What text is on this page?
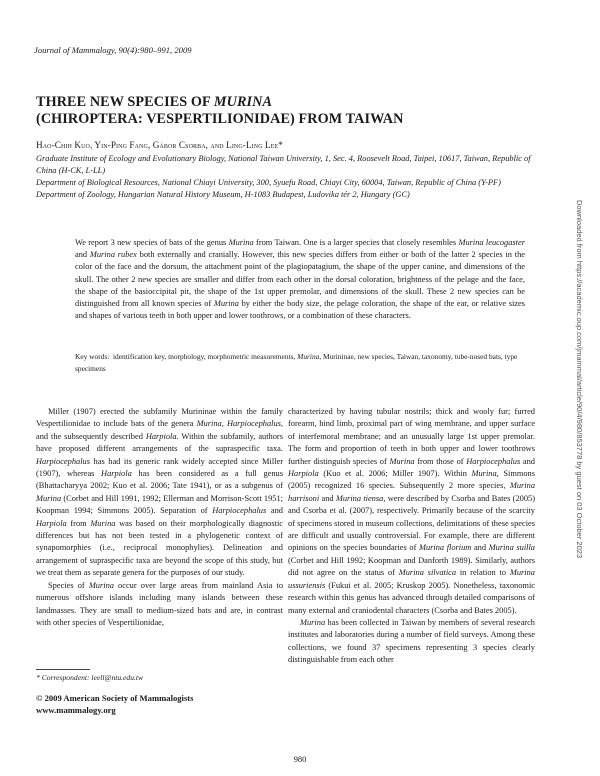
Journal of Mammalogy, 90(4):980–991, 2009
THREE NEW SPECIES OF MURINA
(CHIROPTERA: VESPERTILIONIDAE) FROM TAIWAN
Hao-Chih Kuo, Yin-Ping Fang, Gábor Csorba, and Ling-Ling Lee*

Graduate Institute of Ecology and Evolutionary Biology, National Taiwan University, 1, Sec. 4, Roosevelt Road, Taipei, 10617, Taiwan, Republic of China (H-CK, L-LL)

Department of Biological Resources, National Chiayi University, 300, Syuefu Road, Chiayi City, 60004, Taiwan, Republic of China (Y-PF)

Department of Zoology, Hungarian Natural History Museum, H-1083 Budapest, Ludovika tér 2, Hungary (GC)

We report 3 new species of bats of the genus Murina from Taiwan. One is a larger species that closely resembles Murina leucogaster and Murina rubex both externally and cranially. However, this new species differs from either or both of the latter 2 species in the color of the face and the dorsum, the attachment point of the plagiopatagium, the shape of the upper canine, and dimensions of the skull. The other 2 new species are smaller and differ from each other in the dorsal coloration, brightness of the pelage and the face, the shape of the basioccipital pit, the shape of the 1st upper premolar, and dimensions of the skull. These 2 new species can be distinguished from all known species of Murina by either the body size, the pelage coloration, the shape of the ear, or relative sizes and shapes of various teeth in both upper and lower toothrows, or a combination of these characters.

Key words: identification key, morphology, morphometric measurements, Murina, Murininae, new species, Taiwan, taxonomy, tube-nosed bats, type specimens

Miller (1907) erected the subfamily Murininae within the family Vespertilionidae to include bats of the genera Murina, Harpiocephalus, and the subsequently described Harpiola. Within the subfamily, authors have proposed different arrangements of the supraspecific taxa. Harpiocephalus has had its generic rank widely accepted since Miller (1907), whereas Harpiola has been considered as a full genus (Bhattacharyya 2002; Kuo et al. 2006; Tate 1941), or as a subgenus of Murina (Corbet and Hill 1991, 1992; Ellerman and Morrison-Scott 1951; Koopman 1994; Simmons 2005). Separation of Harpiocephalus and Harpiola from Murina was based on their morphologically diagnostic differences but has not been tested in a phylogenetic context of synapomorphies (i.e., reciprocal monophylies). Delineation and arrangement of supraspecific taxa are beyond the scope of this study, but we treat them as separate genera for the purposes of our study.

Species of Murina occur over large areas from mainland Asia to numerous offshore islands including many islands between these landmasses. They are small to medium-sized bats and are, in contrast with other species of Vespertilionidae,

characterized by having tubular nostrils; thick and wooly fur; furred forearm, hind limb, proximal part of wing membrane, and upper surface of interfemoral membrane; and an unusually large 1st upper premolar. The form and proportion of teeth in both upper and lower toothrows further distinguish species of Murina from those of Harpiocephalus and Harpiola (Kuo et al. 2006; Miller 1907). Within Murina, Simmons (2005) recognized 16 species. Subsequently 2 more species, Murina harrisoni and Murina tiensa, were described by Csorba and Bates (2005) and Csorba et al. (2007), respectively. Primarily because of the scarcity of specimens stored in museum collections, delimitations of these species are difficult and usually controversial. For example, there are different opinions on the species boundaries of Murina florium and Murina suilla (Corbet and Hill 1992; Koopman and Danforth 1989). Similarly, authors did not agree on the status of Murina silvatica in relation to Murina ussuriensis (Fukui et al. 2005; Kruskop 2005). Nonetheless, taxonomic research within this genus has advanced through detailed comparisons of many external and craniodental characters (Csorba and Bates 2005).

Murina has been collected in Taiwan by members of several research institutes and laboratories during a number of field surveys. Among these collections, we found 37 specimens representing 3 species clearly distinguishable from each other

* Correspondent: leell@ntu.edu.tw
© 2009 American Society of Mammalogists
www.mammalogy.org
980
Downloaded from https://academic.oup.com/jmammal/article/90/4/980/853778 by guest on 03 October 2023
